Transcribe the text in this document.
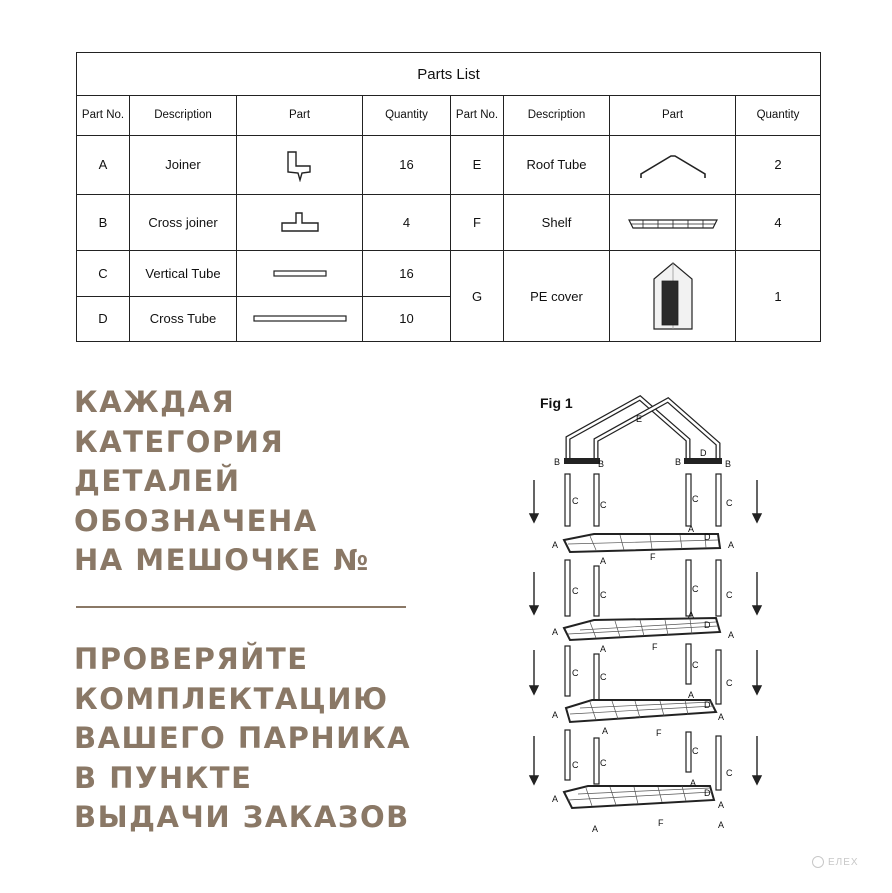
Parts List							
Part No.	Description	Part	Quantity	Part No.	Description	Part	Quantity
A	Joiner		16	E	Roof Tube		2
B	Cross joiner		4	F	Shelf		4
C	Vertical Tube		16	G	PE cover		1
D	Cross Tube		10				
КАЖДАЯ
КАТЕГОРИЯ
ДЕТАЛЕЙ
ОБОЗНАЧЕНА
НА МЕШОЧКЕ №
ПРОВЕРЯЙТЕ
КОМПЛЕКТАЦИЮ
ВАШЕГО ПАРНИКА
В ПУНКТЕ
ВЫДАЧИ ЗАКАЗОВ
Fig 1
E
B	B	B	B
D
C C
C	C
A
A
D
A
A	F
C C
C
C
A
A
D
A
A	F
C C
C
C
A
A
D
A
A	F
C C
C
C
A
A
D
A
A
A
F
ЕЛЕХ
